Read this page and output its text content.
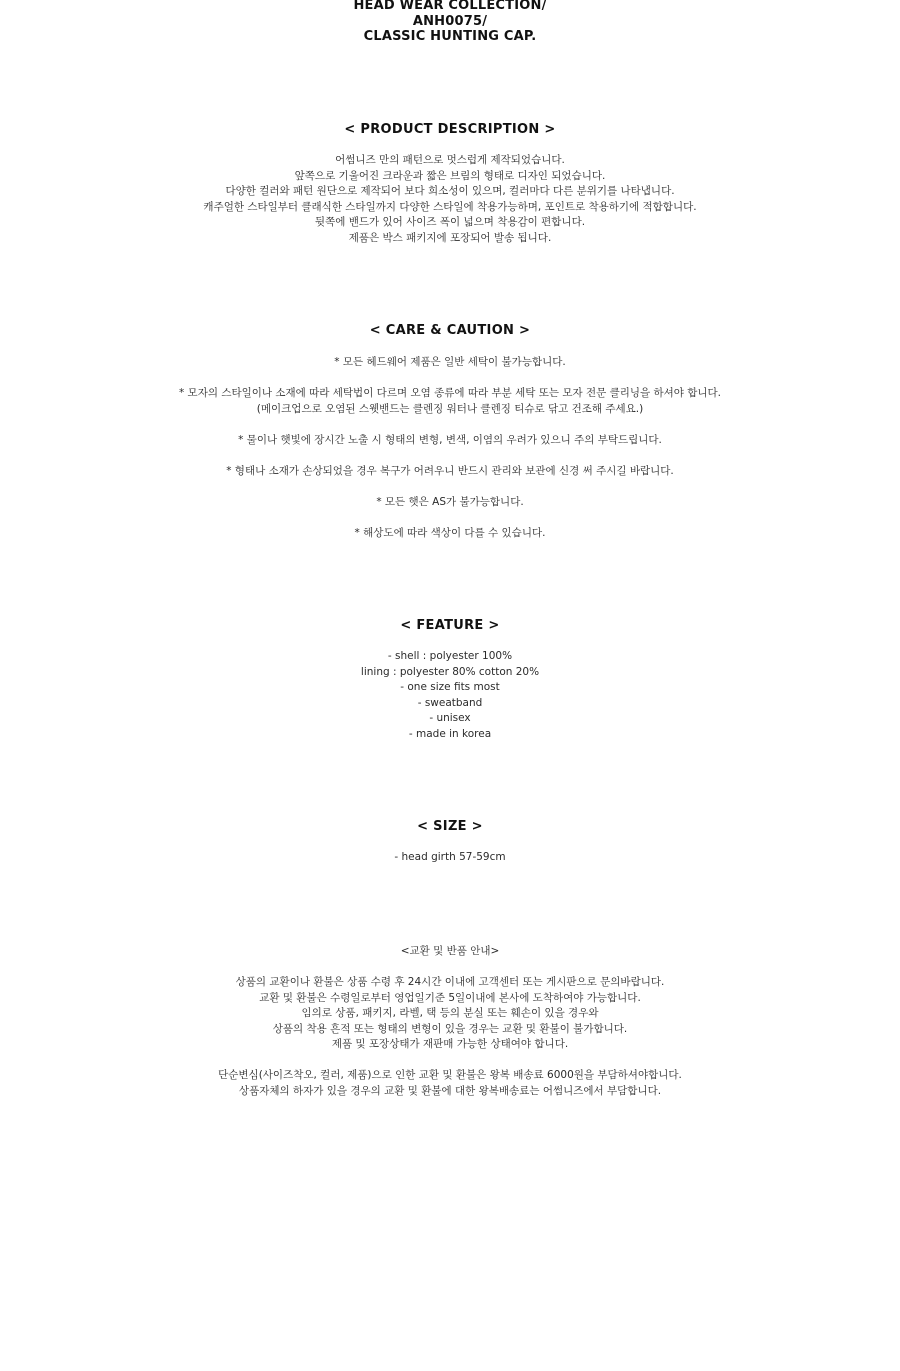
HEAD WEAR COLLECTION/
ANH0075/
CLASSIC HUNTING CAP.
< PRODUCT DESCRIPTION >
어썸니즈 만의 패턴으로 멋스럽게 제작되었습니다.
앞쪽으로 기울어진 크라운과 짧은 브림의 형태로 디자인 되었습니다.
다양한 컬러와 패턴 원단으로 제작되어 보다 희소성이 있으며, 컬러마다 다른 분위기를 나타냅니다.
캐주얼한 스타일부터 클래식한 스타일까지 다양한 스타일에 착용가능하며, 포인트로 착용하기에 적합합니다.
뒷쪽에 밴드가 있어 사이즈 폭이 넓으며 착용감이 편합니다.
제품은 박스 패키지에 포장되어 발송 됩니다.
< CARE & CAUTION >
* 모든 헤드웨어 제품은 일반 세탁이 불가능합니다.
* 모자의 스타일이나 소재에 따라 세탁법이 다르며 오염 종류에 따라 부분 세탁 또는 모자 전문 클리닝을 하셔야 합니다.
(메이크업으로 오염된 스웻밴드는 클렌징 워터나 클렌징 티슈로 닦고 건조해 주세요.)
* 물이나 햇빛에 장시간 노출 시 형태의 변형, 변색, 이염의 우려가 있으니 주의 부탁드립니다.
* 형태나 소재가 손상되었을 경우 복구가 어려우니 반드시 관리와 보관에 신경 써 주시길 바랍니다.
* 모든 햇은 AS가 불가능합니다.
* 해상도에 따라 색상이 다를 수 있습니다.
< FEATURE >
- shell : polyester 100%
lining : polyester 80% cotton 20%
- one size fits most
- sweatband
- unisex
- made in korea
< SIZE >
- head girth 57-59cm
<교환 및 반품 안내>
상품의 교환이나 환불은 상품 수령 후 24시간 이내에 고객센터 또는 게시판으로 문의바랍니다.
교환 및 환불은 수령일로부터 영업일기준 5일이내에 본사에 도착하여야 가능합니다.
임의로 상품, 패키지, 라벨, 택 등의 분실 또는 훼손이 있을 경우와
상품의 착용 흔적 또는 형태의 변형이 있을 경우는 교환 및 환불이 불가합니다.
제품 및 포장상태가 재판매 가능한 상태여야 합니다.
단순변심(사이즈착오, 컬러, 제품)으로 인한 교환 및 환불은 왕복 배송료 6000원을 부담하셔야합니다.
상품자체의 하자가 있을 경우의 교환 및 환불에 대한 왕복배송료는 어썸니즈에서 부담합니다.
